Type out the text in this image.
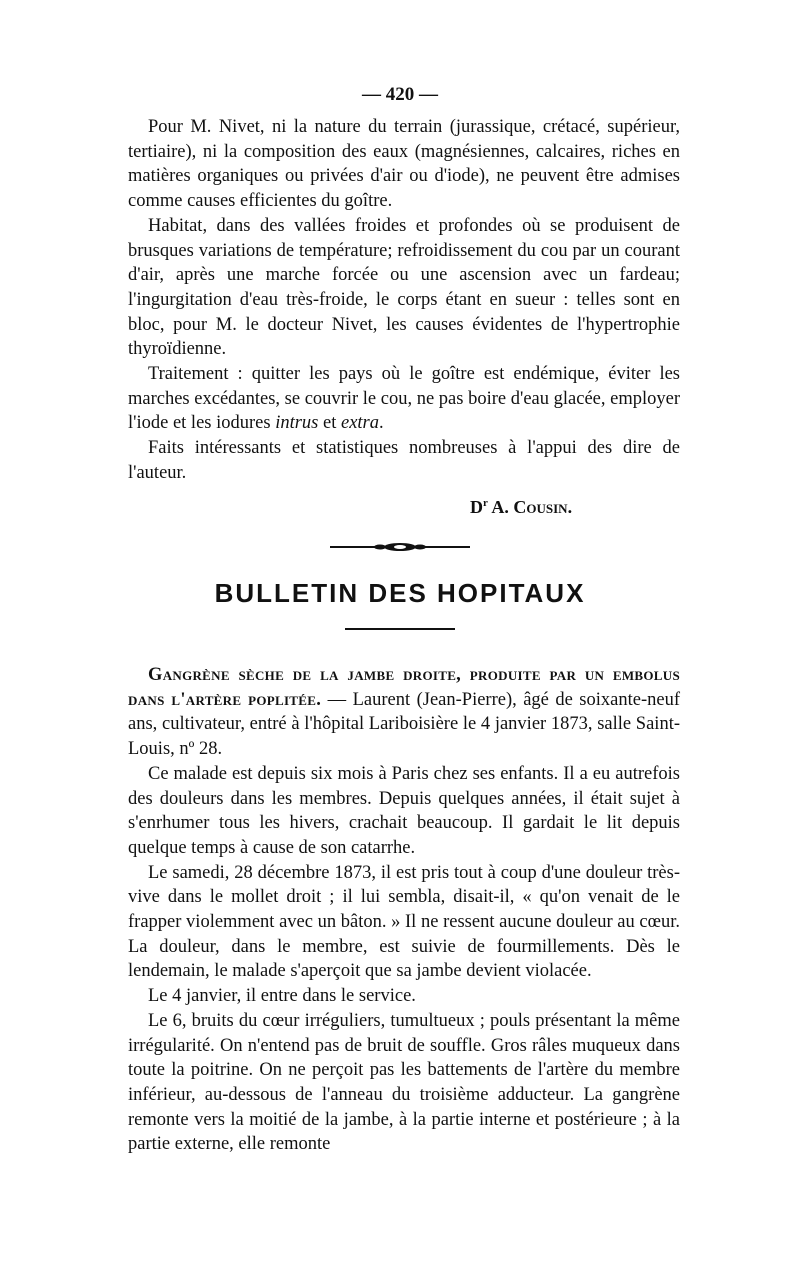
— 420 —

Pour M. Nivet, ni la nature du terrain (jurassique, crétacé, supérieur, tertiaire), ni la composition des eaux (magnésiennes, calcaires, riches en matières organiques ou privées d'air ou d'iode), ne peuvent être admises comme causes efficientes du goître.

Habitat, dans des vallées froides et profondes où se produisent de brusques variations de température; refroidissement du cou par un courant d'air, après une marche forcée ou une ascension avec un fardeau; l'ingurgitation d'eau très-froide, le corps étant en sueur : telles sont en bloc, pour M. le docteur Nivet, les causes évidentes de l'hypertrophie thyroïdienne.

Traitement : quitter les pays où le goître est endémique, éviter les marches excédantes, se couvrir le cou, ne pas boire d'eau glacée, employer l'iode et les iodures intrus et extra.

Faits intéressants et statistiques nombreuses à l'appui des dire de l'auteur.

$D^r$ A. Cousin.
BULLETIN DES HOPITAUX

Gangrène sèche de la jambe droite, produite par un embolus dans l'artère poplitée. — Laurent (Jean-Pierre), âgé de soixante-neuf ans, cultivateur, entré à l'hôpital Lariboisière le 4 janvier 1873, salle Saint-Louis, nº 28.

Ce malade est depuis six mois à Paris chez ses enfants. Il a eu autrefois des douleurs dans les membres. Depuis quelques années, il était sujet à s'enrhumer tous les hivers, crachait beaucoup. Il gardait le lit depuis quelque temps à cause de son catarrhe.

Le samedi, 28 décembre 1873, il est pris tout à coup d'une douleur très-vive dans le mollet droit ; il lui sembla, disait-il, « qu'on venait de le frapper violemment avec un bâton. » Il ne ressent aucune douleur au cœur. La douleur, dans le membre, est suivie de fourmillements. Dès le lendemain, le malade s'aperçoit que sa jambe devient violacée.

Le 4 janvier, il entre dans le service.

Le 6, bruits du cœur irréguliers, tumultueux ; pouls présentant la même irrégularité. On n'entend pas de bruit de souffle. Gros râles muqueux dans toute la poitrine. On ne perçoit pas les battements de l'artère du membre inférieur, au-dessous de l'anneau du troisième adducteur. La gangrène remonte vers la moitié de la jambe, à la partie interne et postérieure ; à la partie externe, elle remonte
